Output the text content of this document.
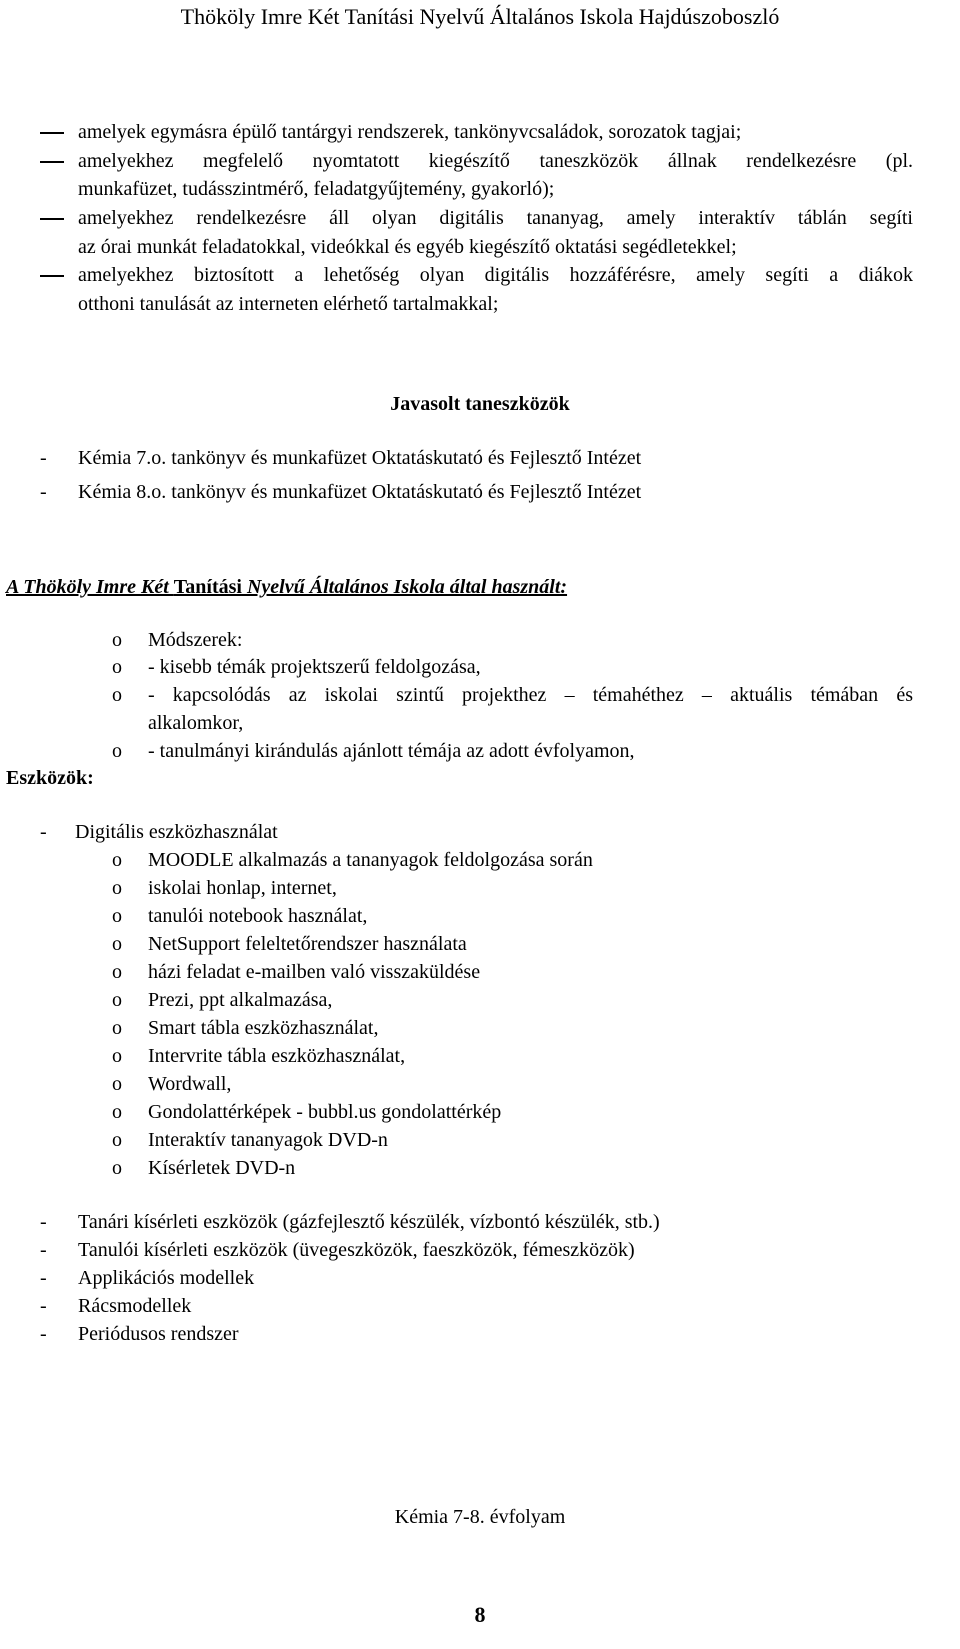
Thököly Imre Két Tanítási Nyelvű Általános Iskola Hajdúszoboszló
amelyek egymásra épülő tantárgyi rendszerek, tankönyvcsaládok, sorozatok tagjai;
amelyekhez megfelelő nyomtatott kiegészítő taneszközök állnak rendelkezésre (pl.
munkafüzet, tudásszintmérő, feladatgyűjtemény, gyakorló);
amelyekhez rendelkezésre áll olyan digitális tananyag, amely interaktív táblán segíti
az órai munkát feladatokkal, videókkal és egyéb kiegészítő oktatási segédletekkel;
amelyekhez biztosított a lehetőség olyan digitális hozzáférésre, amely segíti a diákok
otthoni tanulását az interneten elérhető tartalmakkal;
Javasolt taneszközök
- Kémia 7.o. tankönyv és munkafüzet Oktatáskutató és Fejlesztő Intézet
- Kémia 8.o. tankönyv és munkafüzet Oktatáskutató és Fejlesztő Intézet
A Thököly Imre Két Tanítási Nyelvű Általános Iskola által használt:
o Módszerek:
o - kisebb témák projektszerű feldolgozása,
o - kapcsolódás az iskolai szintű projekthez – témahéthez – aktuális témában és
alkalomkor,
o - tanulmányi kirándulás ajánlott témája az adott évfolyamon,
Eszközök:
- Digitális eszközhasználat
o MOODLE alkalmazás a tananyagok feldolgozása során
o iskolai honlap, internet,
o tanulói notebook használat,
o NetSupport feleltetőrendszer használata
o házi feladat e-mailben való visszaküldése
o Prezi, ppt alkalmazása,
o Smart tábla eszközhasználat,
o Intervrite tábla eszközhasználat,
o Wordwall,
o Gondolattérképek - bubbl.us gondolattérkép
o Interaktív tananyagok DVD-n
o Kísérletek DVD-n
- Tanári kísérleti eszközök (gázfejlesztő készülék, vízbontó készülék, stb.)
- Tanulói kísérleti eszközök (üvegeszközök, faeszközök, fémeszközök)
- Applikációs modellek
- Rácsmodellek
- Periódusos rendszer
Kémia 7-8. évfolyam
8
